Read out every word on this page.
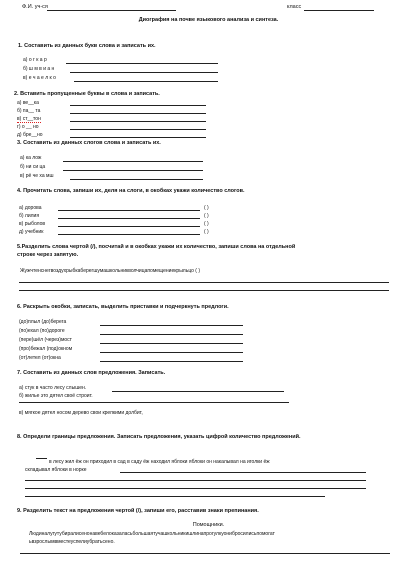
Ф.И. уч-ся	класс
Диография на почве языкового анализа и синтеза.
1. Составить из данных букв слова и записать их.
а) о г к а р
б) ш м в и а н
в) е ч а е л к о
2. Вставить пропущенные буквы в слова и записать.
а) ве__ка
б) па__ та
в) ст__тон
г) о __ но
д) бре__но
3. Составить из данных слогов слова и записать их.
а) ка лож
б) ни си ца
в) рё че ха мш
4. Прочитать слова, запиши их, деля на слоги, в окобках укажи количество слогов.
а) дорова
б) лилия
в) рыболов
д) учебник
( )
( )
( )
( )
5.Разделить слова чертой (/), посчитай и в окобках укажи их количество, запиши слова на отдельной
строке через запятую.
Жужчтенснегвоздухрыбкаберегшумашкольникволчицапомещениекрыльцо ( )
6. Раскрыть окобки, записать, выделить приставки и подчеркнуть предлоги.
(до)плыл (до)берега
(по)ехал (по)дороге
(пере)шёл (через)мост
(про)бежал (под)окном
(от)летел (от)окна
7. Составить из данных слов предложения. Записать.
а) стук в часто лесу слышен.
б) жилье это дятел своё строит.
в) мягкое дятел носом дерево свои крепкими долбит,
8. Определи границы предложения. Записать предложения, указать цифрой количество предложений.
в лесу жил ёж он приходил в сад в саду ёж находил яблоки яблоки он накалывал на иголки ёж
складывал яблоки в норке
9. Разделить текст на предложения чертой (/), запиши его, расставив знаки препинания.
Помощники.
Людиналугутубиралисенонавебелоказаласьбольшаятучашкольникишлинапрогулкуонибросилисьпомогат
ьвзрослымвместеуспелиубратьсено.
